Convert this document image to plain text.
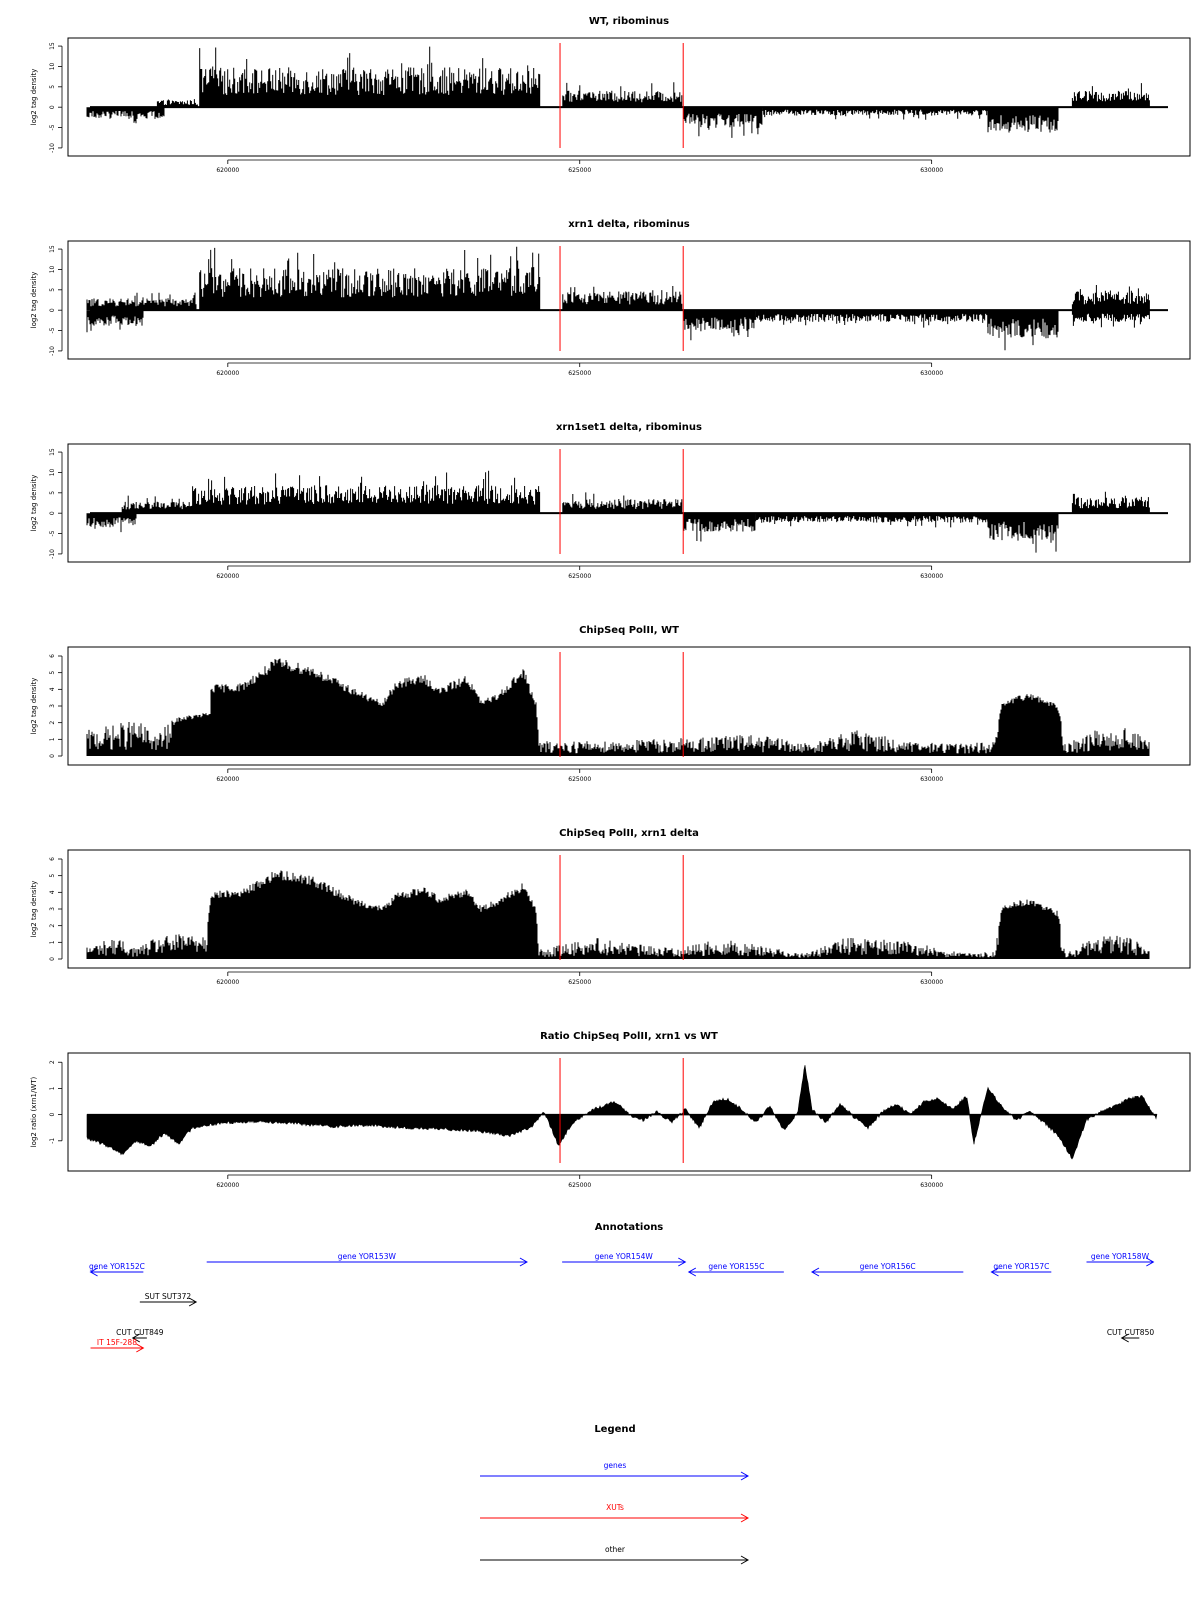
WT, ribominus
-10
-5
0
5
10
15
log2 tag density
620000	625000	630000
xrn1 delta, ribominus
-10
-5
0
5
10
15
log2 tag density
620000	625000	630000
xrn1set1 delta, ribominus
-10
-5
0
5
10
15
log2 tag density
620000	625000	630000
ChipSeq PolII, WT
0
1
2
3
4
5
6
log2 tag density
620000	625000	630000
ChipSeq PolII, xrn1 delta
0
1
2
3
4
5
6
log2 tag density
620000	625000	630000
Ratio ChipSeq PolII, xrn1 vs WT
-1
0
1
2
log2 ratio (xrn1/WT)
620000	625000	630000
Annotations
gene YOR152C
gene YOR153W	gene YOR154W
gene YOR155C	gene YOR156C	gene YOR157C
gene YOR158W
SUT SUT372
CUT CUT849	CUT CUT850
IT 15F-288
Legend
genes
XUTs
other
